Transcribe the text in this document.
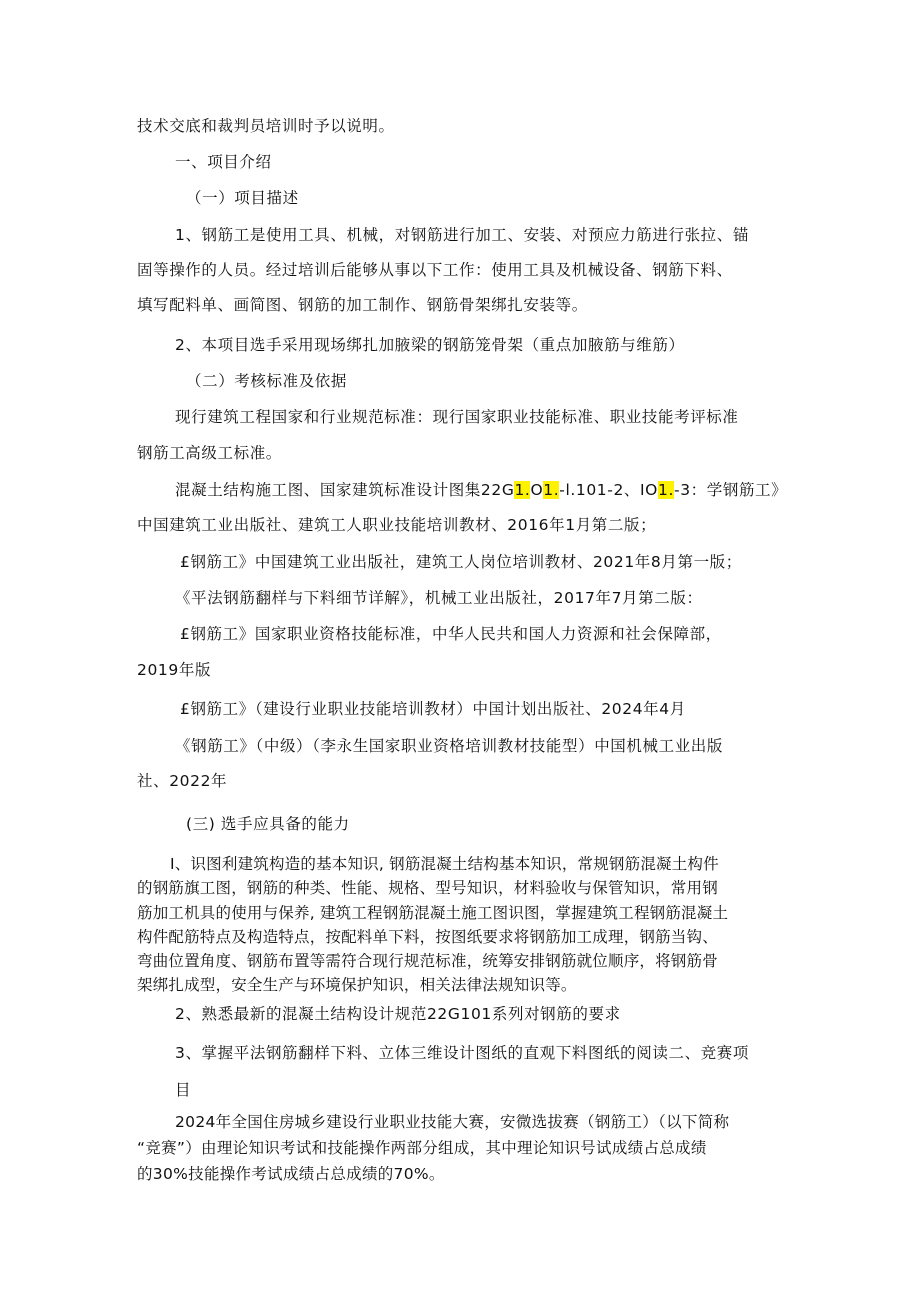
技术交底和裁判员培训时予以说明。
一、项目介绍
（一）项目描述
1、钢筋工是使用工具、机械，对钢筋进行加工、安装、对预应力筋进行张拉、锚
固等操作的人员。经过培训后能够从事以下工作：使用工具及机械设备、钢筋下料、
填写配料单、画简图、钢筋的加工制作、钢筋骨架绑扎安装等。
2、本项目选手采用现场绑扎加腋梁的钢筋笼骨架（重点加腋筋与维筋）
（二）考核标准及依据
现行建筑工程国家和行业规范标准：现行国家职业技能标准、职业技能考评标准
钢筋工高级工标准。
混凝土结构施工图、国家建筑标准设计图集22G1.O1.-l.101-2、IO1.-3：学钢筋工》
中国建筑工业出版社、建筑工人职业技能培训教材、2016年1月第二版；
£钢筋工》中国建筑工业出版社，建筑工人岗位培训教材、2021年8月第一版；
《平法钢筋翻样与下料细节详解》，机械工业出版社，2017年7月第二版：
£钢筋工》国家职业资格技能标准，中华人民共和国人力资源和社会保障部，
2019年版
£钢筋工》（建设行业职业技能培训教材）中国计划出版社、2024年4月
《钢筋工》（中级）（李永生国家职业资格培训教材技能型）中国机械工业出版
社、2022年
(三) 选手应具备的能力
I、识图利建筑构造的基本知识, 钢筋混凝土结构基本知识，常规钢筋混凝土构件
的钢筋旗工图，钢筋的种类、性能、规格、型号知识，材料验收与保管知识，常用钢
筋加工机具的使用与保养, 建筑工程钢筋混凝土施工图识图，掌握建筑工程钢筋混凝土
构件配筋特点及构造特点，按配料单下料，按图纸要求将钢筋加工成理，钢筋当钩、
弯曲位置角度、钢筋布置等需符合现行规范标准，统筹安排钢筋就位顺序，将钢筋骨
架绑扎成型，安全生产与环境保护知识，相关法律法规知识等。
2、熟悉最新的混凝土结构设计规范22G101系列对钢筋的要求
3、掌握平法钢筋翻样下料、立体三维设计图纸的直观下料图纸的阅读二、竞赛项
目
2024年全国住房城乡建设行业职业技能大赛，安微选拔赛（钢筋工）（以下简称
“竞赛”）由理论知识考试和技能操作两部分组成，其中理论知识号试成绩占总成绩
的30%技能操作考试成绩占总成绩的70%。
